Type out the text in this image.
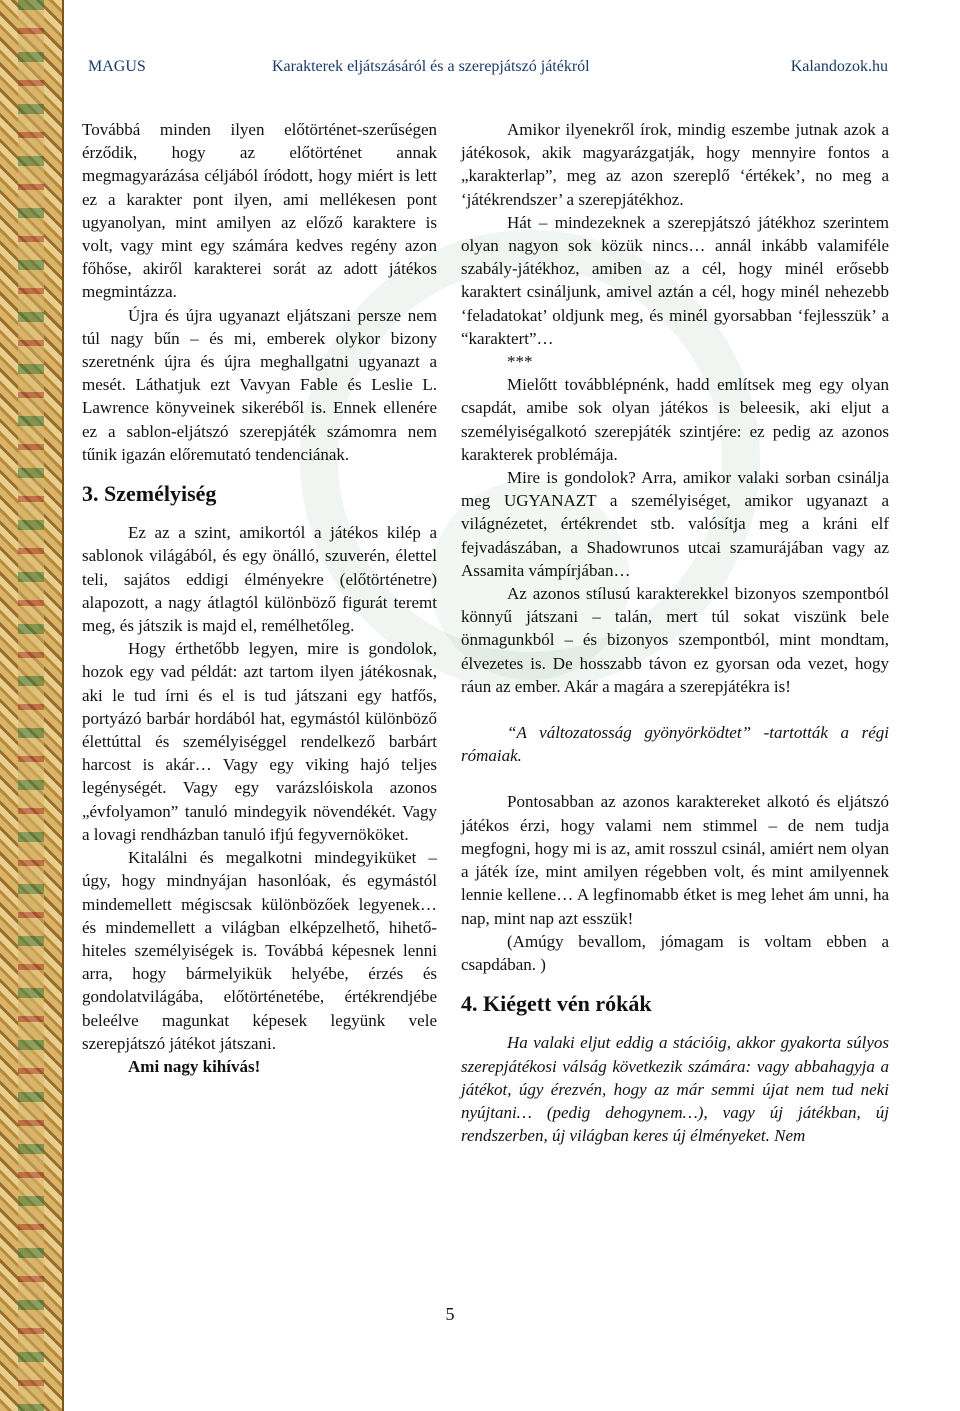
MAGUS	Karakterek eljátszásáról és a szerepjátszó játékról	Kalandozok.hu

Továbbá minden ilyen előtörténet-szerűségen érződik, hogy az előtörténet annak megmagyarázása céljából íródott, hogy miért is lett ez a karakter pont ilyen, ami mellékesen pont ugyanolyan, mint amilyen az előző karaktere is volt, vagy mint egy számára kedves regény azon főhőse, akiről karakterei sorát az adott játékos megmintázza.

Újra és újra ugyanazt eljátszani persze nem túl nagy bűn – és mi, emberek olykor bizony szeretnénk újra és újra meghallgatni ugyanazt a mesét. Láthatjuk ezt Vavyan Fable és Leslie L. Lawrence könyveinek sikeréből is. Ennek ellenére ez a sablon-eljátszó szerepjáték számomra nem tűnik igazán előremutató tendenciának.

3. Személyiség

Ez az a szint, amikortól a játékos kilép a sablonok világából, és egy önálló, szuverén, élettel teli, sajátos eddigi élményekre (előtörténetre) alapozott, a nagy átlagtól különböző figurát teremt meg, és játszik is majd el, remélhetőleg.

Hogy érthetőbb legyen, mire is gondolok, hozok egy vad példát: azt tartom ilyen játékosnak, aki le tud írni és el is tud játszani egy hatfős, portyázó barbár hordából hat, egymástól különböző élettúttal és személyiséggel rendelkező barbárt harcost is akár… Vagy egy viking hajó teljes legénységét. Vagy egy varázslóiskola azonos „évfolyamon” tanuló mindegyik növendékét. Vagy a lovagi rendházban tanuló ifjú fegyvernököket.

Kitalálni és megalkotni mindegyiküket – úgy, hogy mindnyájan hasonlóak, és egymástól mindemellett mégiscsak különbözőek legyenek… és mindemellett a világban elképzelhető, hihető-hiteles személyiségek is. Továbbá képesnek lenni arra, hogy bármelyikük helyébe, érzés és gondolatvilágába, előtörténetébe, értékrendjébe beleélve magunkat képesek legyünk vele szerepjátszó játékot játszani.

Ami nagy kihívás!

Amikor ilyenekről írok, mindig eszembe jutnak azok a játékosok, akik magyarázgatják, hogy mennyire fontos a „karakterlap”, meg az azon szereplő ‘értékek’, no meg a ‘játékrendszer’ a szerepjátékhoz.

Hát – mindezeknek a szerepjátszó játékhoz szerintem olyan nagyon sok közük nincs… annál inkább valamiféle szabály-játékhoz, amiben az a cél, hogy minél erősebb karaktert csináljunk, amivel aztán a cél, hogy minél nehezebb ‘feladatokat’ oldjunk meg, és minél gyorsabban ‘fejlesszük’ a “karaktert”…

***

Mielőtt továbblépnénk, hadd említsek meg egy olyan csapdát, amibe sok olyan játékos is beleesik, aki eljut a személyiségalkotó szerepjáték szintjére: ez pedig az azonos karakterek problémája.

Mire is gondolok? Arra, amikor valaki sorban csinálja meg UGYANAZT a személyiséget, amikor ugyanazt a világnézetet, értékrendet stb. valósítja meg a kráni elf fejvadászában, a Shadowrunos utcai szamurájában vagy az Assamita vámpírjában…

Az azonos stílusú karakterekkel bizonyos szempontból könnyű játszani – talán, mert túl sokat viszünk bele önmagunkból – és bizonyos szempontból, mint mondtam, élvezetes is. De hosszabb távon ez gyorsan oda vezet, hogy ráun az ember. Akár a magára a szerepjátékra is!

“A változatosság gyönyörködtet” -tartották a régi rómaiak.

Pontosabban az azonos karaktereket alkotó és eljátszó játékos érzi, hogy valami nem stimmel – de nem tudja megfogni, hogy mi is az, amit rosszul csinál, amiért nem olyan a játék íze, mint amilyen régebben volt, és mint amilyennek lennie kellene… A legfinomabb étket is meg lehet ám unni, ha nap, mint nap azt esszük!

(Amúgy bevallom, jómagam is voltam ebben a csapdában. )

4. Kiégett vén rókák

Ha valaki eljut eddig a stációig, akkor gyakorta súlyos szerepjátékosi válság következik számára: vagy abbahagyja a játékot, úgy érezvén, hogy az már semmi újat nem tud neki nyújtani… (pedig dehogynem…), vagy új játékban, új rendszerben, új világban keres új élményeket. Nem

5
